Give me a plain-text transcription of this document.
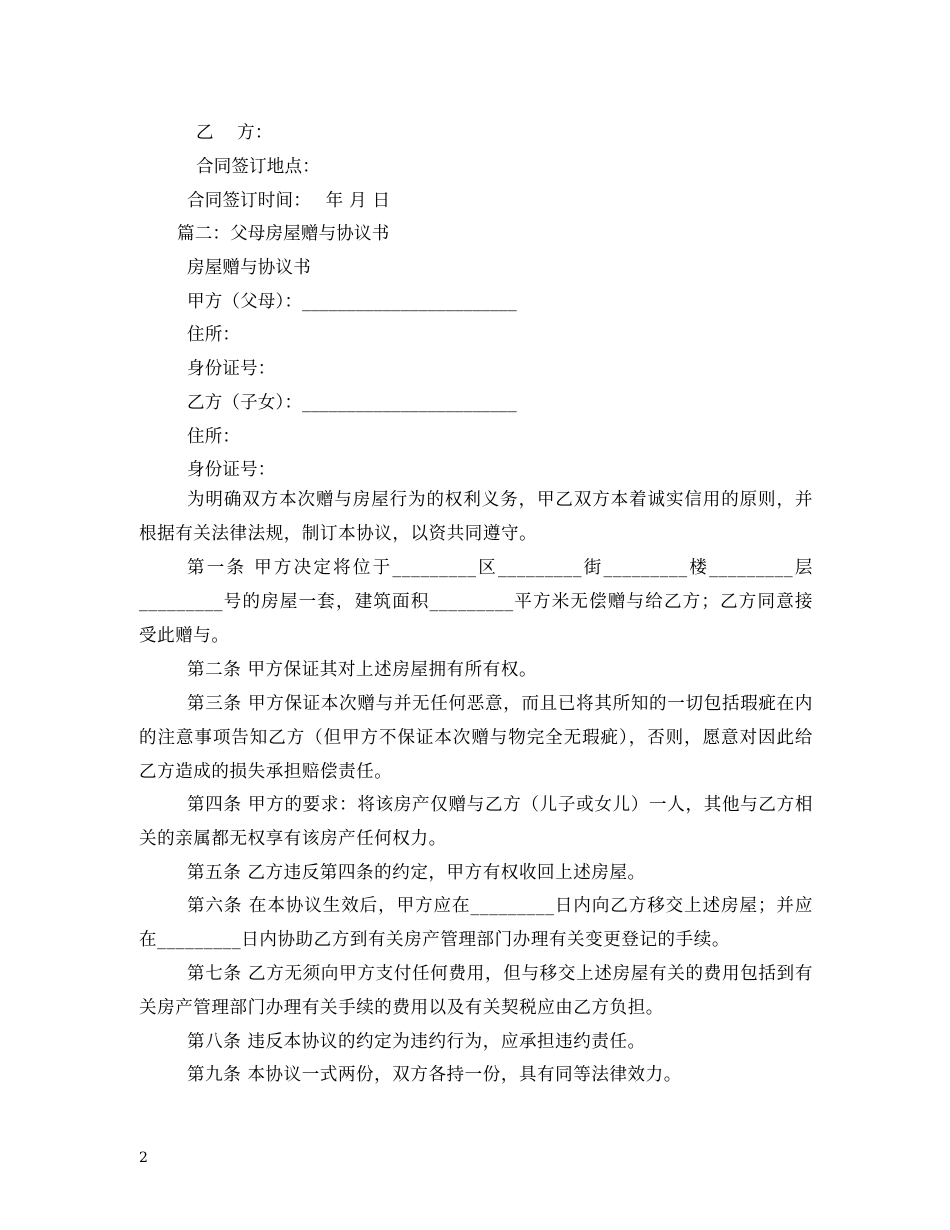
乙　 方：
合同签订地点：
合同签订时间：　 年 月 日
篇二：父母房屋赠与协议书
房屋赠与协议书
甲方（父母）：________________________
住所：
身份证号：
乙方（子女）：________________________
住所：
身份证号：
为明确双方本次赠与房屋行为的权利义务，甲乙双方本着诚实信用的原则，并根据有关法律法规，制订本协议，以资共同遵守。
第一条 甲方决定将位于_________区_________街_________楼_________层_________号的房屋一套，建筑面积_________平方米无偿赠与给乙方；乙方同意接受此赠与。
第二条 甲方保证其对上述房屋拥有所有权。
第三条 甲方保证本次赠与并无任何恶意，而且已将其所知的一切包括瑕疵在内的注意事项告知乙方（但甲方不保证本次赠与物完全无瑕疵），否则，愿意对因此给乙方造成的损失承担赔偿责任。
第四条 甲方的要求：将该房产仅赠与乙方（儿子或女儿）一人，其他与乙方相关的亲属都无权享有该房产任何权力。
第五条 乙方违反第四条的约定，甲方有权收回上述房屋。
第六条 在本协议生效后，甲方应在_________日内向乙方移交上述房屋；并应在_________日内协助乙方到有关房产管理部门办理有关变更登记的手续。
第七条 乙方无须向甲方支付任何费用，但与移交上述房屋有关的费用包括到有关房产管理部门办理有关手续的费用以及有关契税应由乙方负担。
第八条 违反本协议的约定为违约行为，应承担违约责任。
第九条 本协议一式两份，双方各持一份，具有同等法律效力。
2
